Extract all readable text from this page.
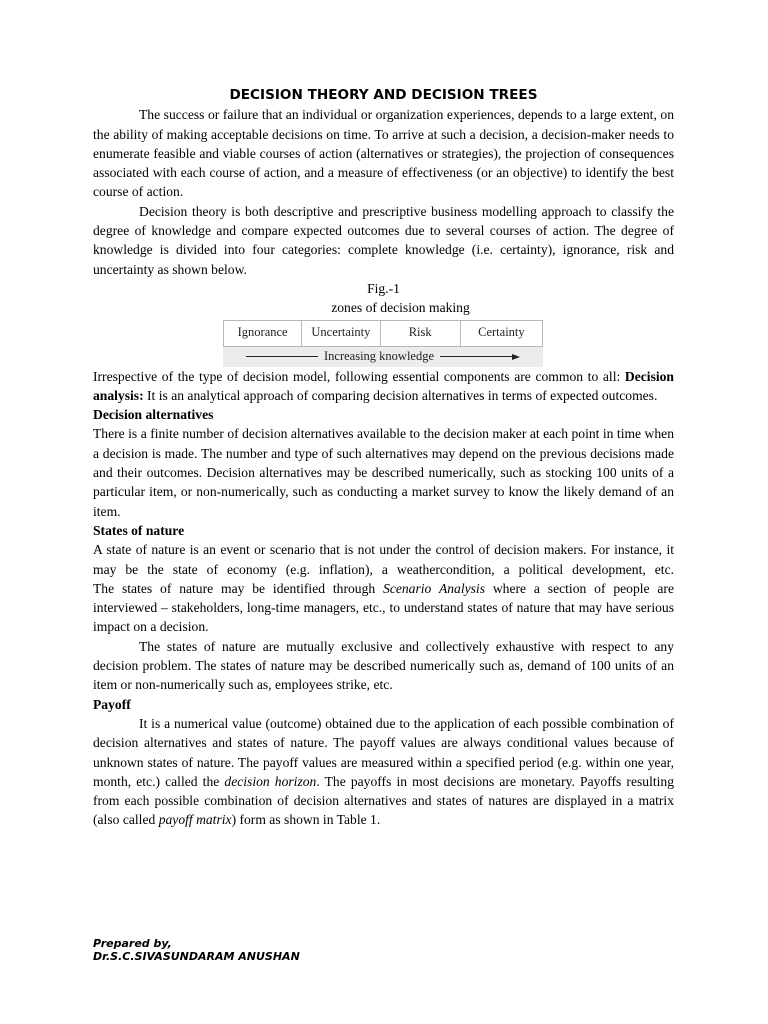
DECISION THEORY AND DECISION TREES

The success or failure that an individual or organization experiences, depends to a large extent, on the ability of making acceptable decisions on time. To arrive at such a decision, a decision-maker needs to enumerate feasible and viable courses of action (alternatives or strategies), the projection of consequences associated with each course of action, and a measure of effectiveness (or an objective) to identify the best course of action.

Decision theory is both descriptive and prescriptive business modelling approach to classify the degree of knowledge and compare expected outcomes due to several courses of action. The degree of knowledge is divided into four categories: complete knowledge (i.e. certainty), ignorance, risk and uncertainty as shown below.

Fig.-1

zones of decision making

Ignorance	Uncertainty	Risk	Certainty
Increasing knowledge

Irrespective of the type of decision model, following essential components are common to all: Decision analysis: It is an analytical approach of comparing decision alternatives in terms of expected outcomes.

Decision alternatives

There is a finite number of decision alternatives available to the decision maker at each point in time when a decision is made. The number and type of such alternatives may depend on the previous decisions made and their outcomes. Decision alternatives may be described numerically, such as stocking 100 units of a particular item, or non-numerically, such as conducting a market survey to know the likely demand of an item.

States of nature

A state of nature is an event or scenario that is not under the control of decision makers. For instance, it may be the state of economy (e.g. inflation), a weathercondition, a political development, etc.

The states of nature may be identified through Scenario Analysis where a section of people are interviewed – stakeholders, long-time managers, etc., to understand states of nature that may have serious impact on a decision.

The states of nature are mutually exclusive and collectively exhaustive with respect to any decision problem. The states of nature may be described numerically such as, demand of 100 units of an item or non-numerically such as, employees strike, etc.

Payoff

It is a numerical value (outcome) obtained due to the application of each possible combination of decision alternatives and states of nature. The payoff values are always conditional values because of unknown states of nature. The payoff values are measured within a specified period (e.g. within one year, month, etc.) called the decision horizon. The payoffs in most decisions are monetary. Payoffs resulting from each possible combination of decision alternatives and states of natures are displayed in a matrix (also called payoff matrix) form as shown in Table 1.

Prepared by,
Dr.S.C.SIVASUNDARAM ANUSHAN
